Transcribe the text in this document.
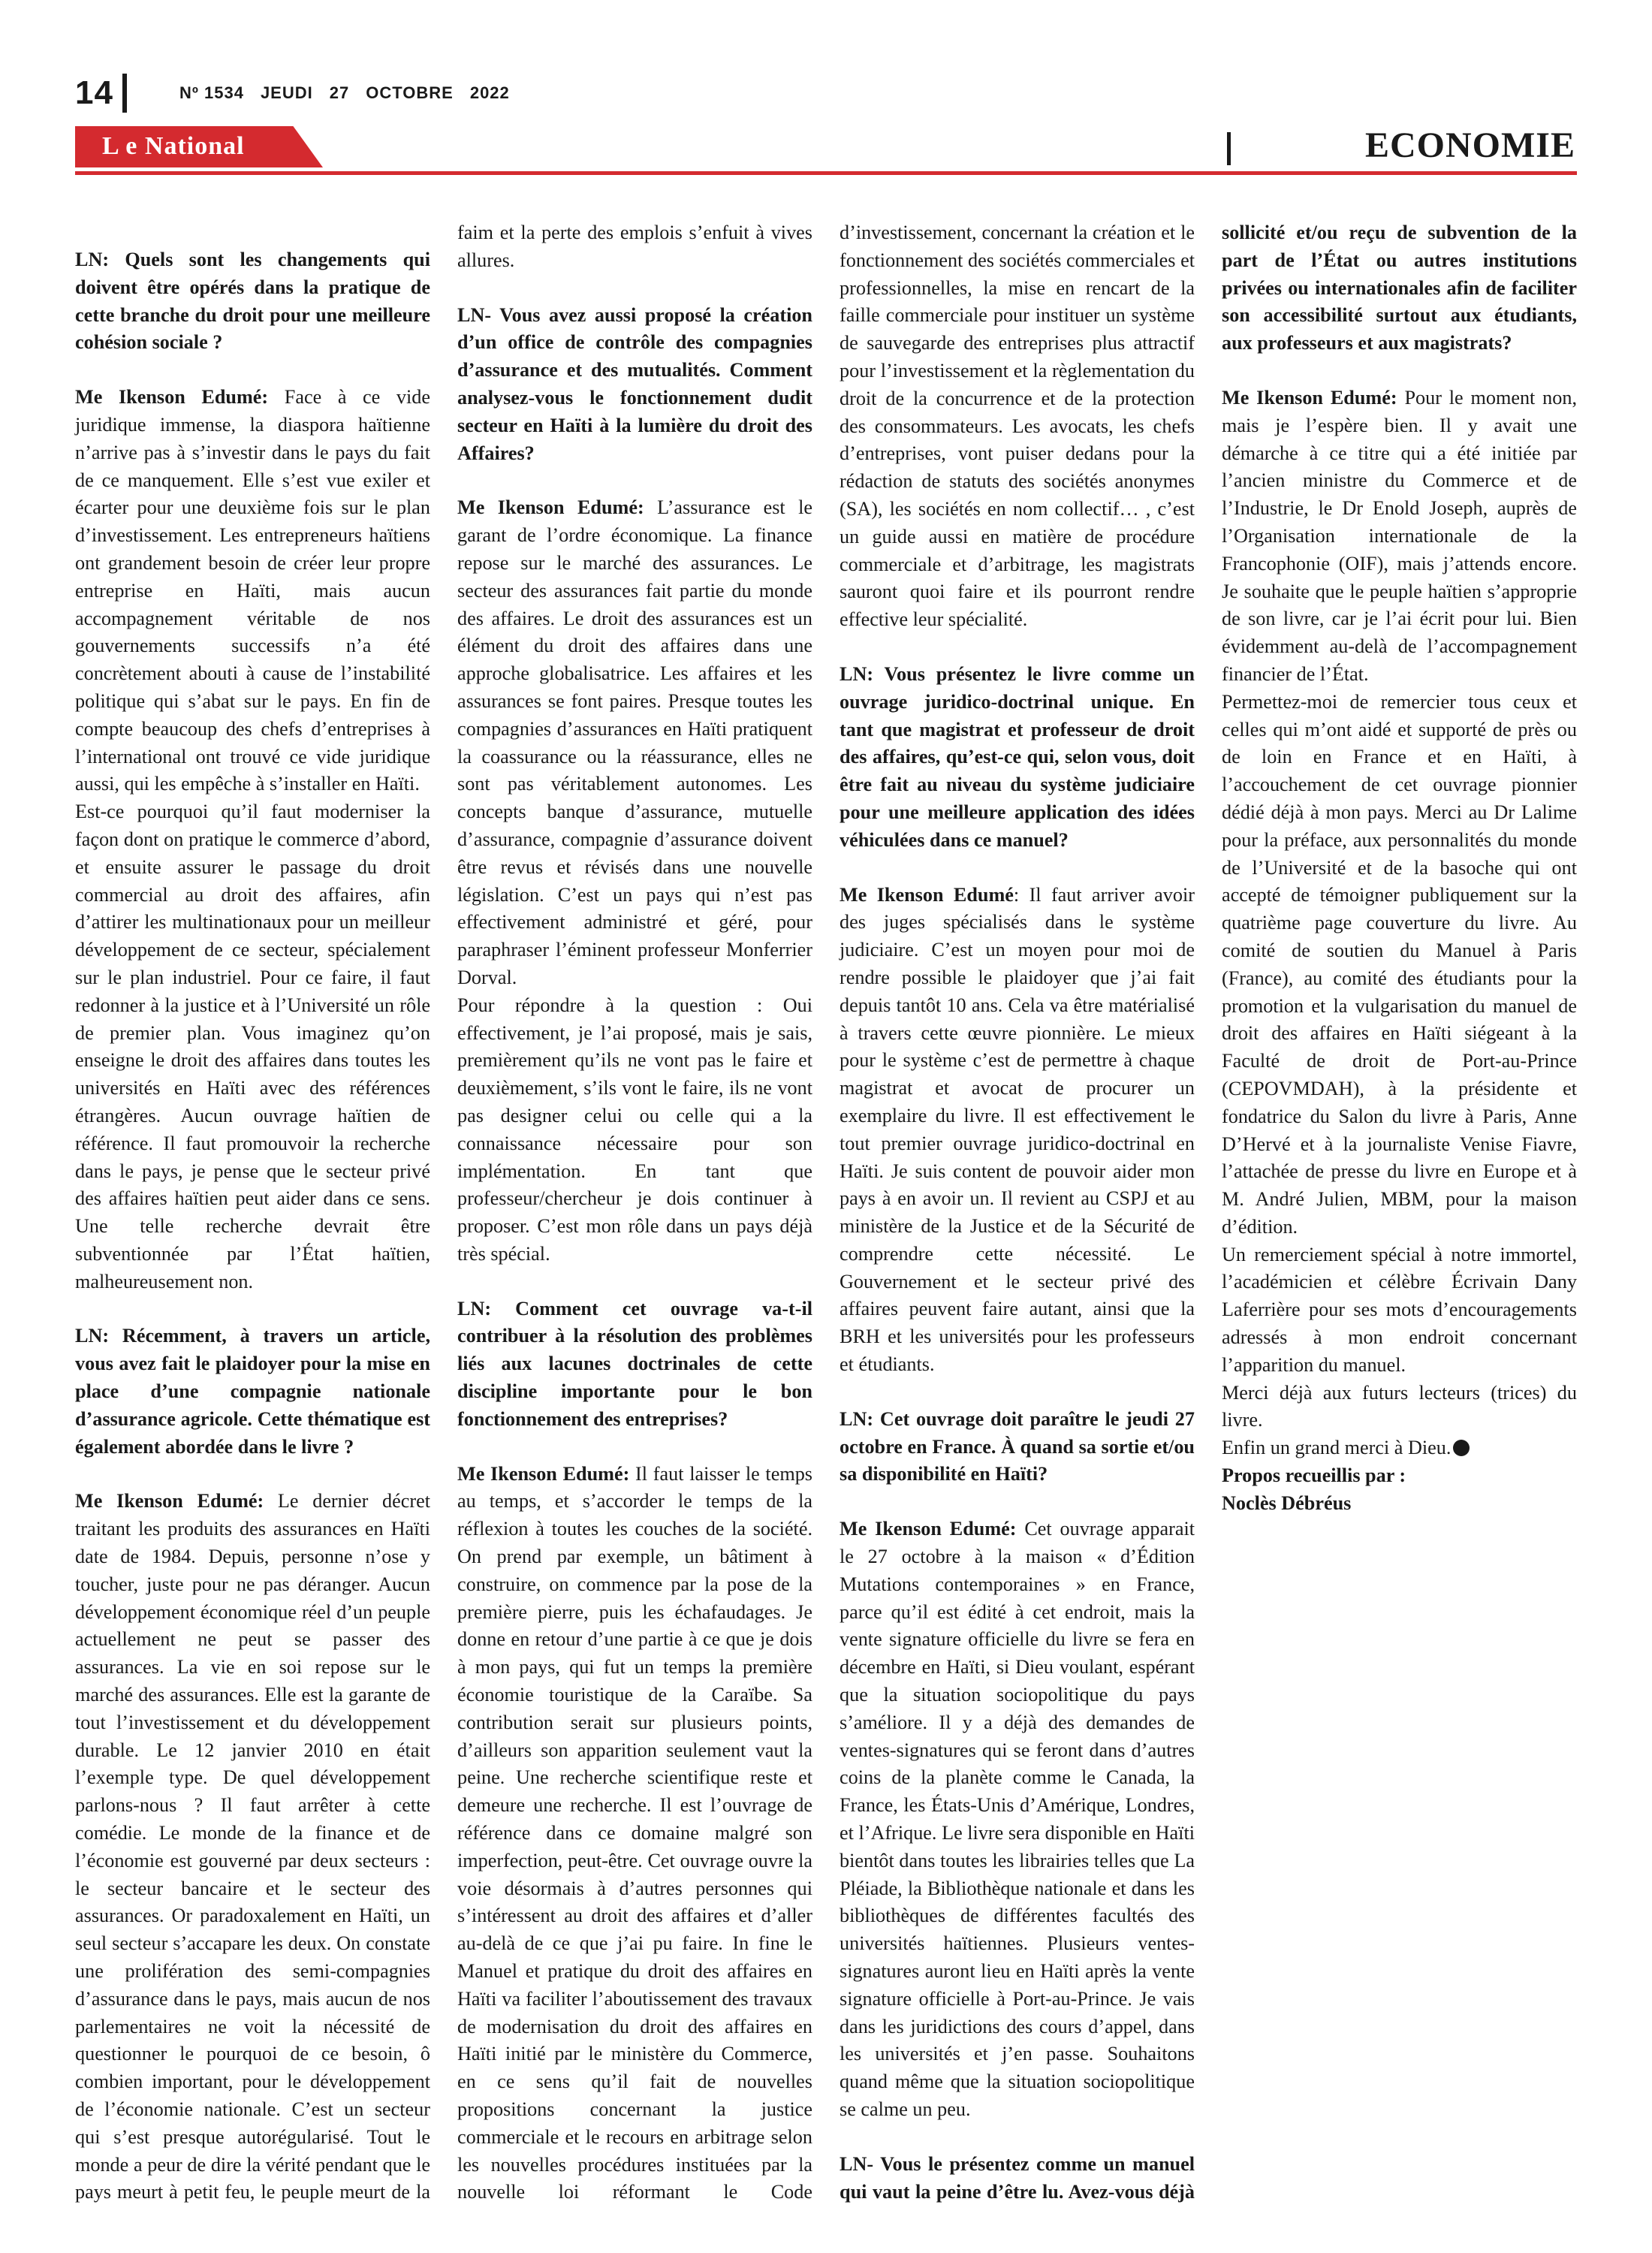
14	Nº 1534 JEUDI 27 OCTOBRE 2022
L e National	ECONOMIE

LN: Quels sont les changements qui doivent être opérés dans la pratique de cette branche du droit pour une meilleure cohésion sociale ?

Me Ikenson Edumé: Face à ce vide juridique immense, la diaspora haïtienne n’arrive pas à s’investir dans le pays du fait de ce manquement. Elle s’est vue exiler et écarter pour une deuxième fois sur le plan d’investissement. Les entrepreneurs haïtiens ont grandement besoin de créer leur propre entreprise en Haïti, mais aucun accompagnement véritable de nos gouvernements successifs n’a été concrètement abouti à cause de l’instabilité politique qui s’abat sur le pays. En fin de compte beaucoup des chefs d’entreprises à l’international ont trouvé ce vide juridique aussi, qui les empêche à s’installer en Haïti.

Est-ce pourquoi qu’il faut moderniser la façon dont on pratique le commerce d’abord, et ensuite assurer le passage du droit commercial au droit des affaires, afin d’attirer les multinationaux pour un meilleur développement de ce secteur, spécialement sur le plan industriel. Pour ce faire, il faut redonner à la justice et à l’Université un rôle de premier plan. Vous imaginez qu’on enseigne le droit des affaires dans toutes les universités en Haïti avec des références étrangères. Aucun ouvrage haïtien de référence. Il faut promouvoir la recherche dans le pays, je pense que le secteur privé des affaires haïtien peut aider dans ce sens. Une telle recherche devrait être subventionnée par l’État haïtien, malheureusement non.

LN: Récemment, à travers un article, vous avez fait le plaidoyer pour la mise en place d’une compagnie nationale d’assurance agricole. Cette thématique est également abordée dans le livre ?

Me Ikenson Edumé: Le dernier décret traitant les produits des assurances en Haïti date de 1984. Depuis, personne n’ose y toucher, juste pour ne pas déranger. Aucun développement économique réel d’un peuple actuellement ne peut se passer des assurances. La vie en soi repose sur le marché des assurances. Elle est la garante de tout l’investissement et du développement durable. Le 12 janvier 2010 en était l’exemple type. De quel développement parlons-nous ? Il faut arrêter à cette comédie. Le monde de la finance et de l’économie est gouverné par deux secteurs : le secteur bancaire et le secteur des assurances. Or paradoxalement en Haïti, un seul secteur s’accapare les deux. On constate une prolifération des semi-compagnies d’assurance dans le pays, mais aucun de nos parlementaires ne voit la nécessité de questionner le pourquoi de ce besoin, ô combien important, pour le développement de l’économie nationale. C’est un secteur qui s’est presque autorégularisé. Tout le monde a peur de dire la vérité pendant que le pays meurt à petit feu, le peuple meurt de la faim et la perte des emplois s’enfuit à vives allures.

LN- Vous avez aussi proposé la création d’un office de contrôle des compagnies d’assurance et des mutualités. Comment analysez-vous le fonctionnement dudit secteur en Haïti à la lumière du droit des Affaires?

Me Ikenson Edumé: L’assurance est le garant de l’ordre économique. La finance repose sur le marché des assurances. Le secteur des assurances fait partie du monde des affaires. Le droit des assurances est un élément du droit des affaires dans une approche globalisatrice. Les affaires et les assurances se font paires. Presque toutes les compagnies d’assurances en Haïti pratiquent la coassurance ou la réassurance, elles ne sont pas véritablement autonomes. Les concepts banque d’assurance, mutuelle d’assurance, compagnie d’assurance doivent être revus et révisés dans une nouvelle législation. C’est un pays qui n’est pas effectivement administré et géré, pour paraphraser l’éminent professeur Monferrier Dorval.

Pour répondre à la question : Oui effectivement, je l’ai proposé, mais je sais, premièrement qu’ils ne vont pas le faire et deuxièmement, s’ils vont le faire, ils ne vont pas designer celui ou celle qui a la connaissance nécessaire pour son implémentation. En tant que professeur/chercheur je dois continuer à proposer. C’est mon rôle dans un pays déjà très spécial.

LN: Comment cet ouvrage va-t-il contribuer à la résolution des problèmes liés aux lacunes doctrinales de cette discipline importante pour le bon fonctionnement des entreprises?

Me Ikenson Edumé: Il faut laisser le temps au temps, et s’accorder le temps de la réflexion à toutes les couches de la société. On prend par exemple, un bâtiment à construire, on commence par la pose de la première pierre, puis les échafaudages. Je donne en retour d’une partie à ce que je dois à mon pays, qui fut un temps la première économie touristique de la Caraïbe. Sa contribution serait sur plusieurs points, d’ailleurs son apparition seulement vaut la peine. Une recherche scientifique reste et demeure une recherche. Il est l’ouvrage de référence dans ce domaine malgré son imperfection, peut-être. Cet ouvrage ouvre la voie désormais à d’autres personnes qui s’intéressent au droit des affaires et d’aller au-delà de ce que j’ai pu faire. In fine le Manuel et pratique du droit des affaires en Haïti va faciliter l’aboutissement des travaux de modernisation du droit des affaires en Haïti initié par le ministère du Commerce, en ce sens qu’il fait de nouvelles propositions concernant la justice commerciale et le recours en arbitrage selon les nouvelles procédures instituées par la nouvelle loi réformant le Code d’investissement, concernant la création et le fonctionnement des sociétés commerciales et professionnelles, la mise en rencart de la faille commerciale pour instituer un système de sauvegarde des entreprises plus attractif pour l’investissement et la règlementation du droit de la concurrence et de la protection des consommateurs. Les avocats, les chefs d’entreprises, vont puiser dedans pour la rédaction de statuts des sociétés anonymes (SA), les sociétés en nom collectif… , c’est un guide aussi en matière de procédure commerciale et d’arbitrage, les magistrats sauront quoi faire et ils pourront rendre effective leur spécialité.

LN: Vous présentez le livre comme un ouvrage juridico-doctrinal unique. En tant que magistrat et professeur de droit des affaires, qu’est-ce qui, selon vous, doit être fait au niveau du système judiciaire pour une meilleure application des idées véhiculées dans ce manuel?

Me Ikenson Edumé: Il faut arriver avoir des juges spécialisés dans le système judiciaire. C’est un moyen pour moi de rendre possible le plaidoyer que j’ai fait depuis tantôt 10 ans. Cela va être matérialisé à travers cette œuvre pionnière. Le mieux pour le système c’est de permettre à chaque magistrat et avocat de procurer un exemplaire du livre. Il est effectivement le tout premier ouvrage juridico-doctrinal en Haïti. Je suis content de pouvoir aider mon pays à en avoir un. Il revient au CSPJ et au ministère de la Justice et de la Sécurité de comprendre cette nécessité. Le Gouvernement et le secteur privé des affaires peuvent faire autant, ainsi que la BRH et les universités pour les professeurs et étudiants.

LN: Cet ouvrage doit paraître le jeudi 27 octobre en France. À quand sa sortie et/ou sa disponibilité en Haïti?

Me Ikenson Edumé: Cet ouvrage apparait le 27 octobre à la maison « d’Édition Mutations contemporaines » en France, parce qu’il est édité à cet endroit, mais la vente signature officielle du livre se fera en décembre en Haïti, si Dieu voulant, espérant que la situation sociopolitique du pays s’améliore. Il y a déjà des demandes de ventes-signatures qui se feront dans d’autres coins de la planète comme le Canada, la France, les États-Unis d’Amérique, Londres, et l’Afrique. Le livre sera disponible en Haïti bientôt dans toutes les librairies telles que La Pléiade, la Bibliothèque nationale et dans les bibliothèques de différentes facultés des universités haïtiennes. Plusieurs ventes-signatures auront lieu en Haïti après la vente signature officielle à Port-au-Prince. Je vais dans les juridictions des cours d’appel, dans les universités et j’en passe. Souhaitons quand même que la situation sociopolitique se calme un peu.

LN- Vous le présentez comme un manuel qui vaut la peine d’être lu. Avez-vous déjà sollicité et/ou reçu de subvention de la part de l’État ou autres institutions privées ou internationales afin de faciliter son accessibilité surtout aux étudiants, aux professeurs et aux magistrats?

Me Ikenson Edumé: Pour le moment non, mais je l’espère bien. Il y avait une démarche à ce titre qui a été initiée par l’ancien ministre du Commerce et de l’Industrie, le Dr Enold Joseph, auprès de l’Organisation internationale de la Francophonie (OIF), mais j’attends encore. Je souhaite que le peuple haïtien s’approprie de son livre, car je l’ai écrit pour lui. Bien évidemment au-delà de l’accompagnement financier de l’État.

Permettez-moi de remercier tous ceux et celles qui m’ont aidé et supporté de près ou de loin en France et en Haïti, à l’accouchement de cet ouvrage pionnier dédié déjà à mon pays. Merci au Dr Lalime pour la préface, aux personnalités du monde de l’Université et de la basoche qui ont accepté de témoigner publiquement sur la quatrième page couverture du livre. Au comité de soutien du Manuel à Paris (France), au comité des étudiants pour la promotion et la vulgarisation du manuel de droit des affaires en Haïti siégeant à la Faculté de droit de Port-au-Prince (CEPOVMDAH), à la présidente et fondatrice du Salon du livre à Paris, Anne D’Hervé et à la journaliste Venise Fiavre, l’attachée de presse du livre en Europe et à M. André Julien, MBM, pour la maison d’édition.

Un remerciement spécial à notre immortel, l’académicien et célèbre Écrivain Dany Laferrière pour ses mots d’encouragements adressés à mon endroit concernant l’apparition du manuel.

Merci déjà aux futurs lecteurs (trices) du livre.

Enfin un grand merci à Dieu.

Propos recueillis par :
Noclès Débréus
